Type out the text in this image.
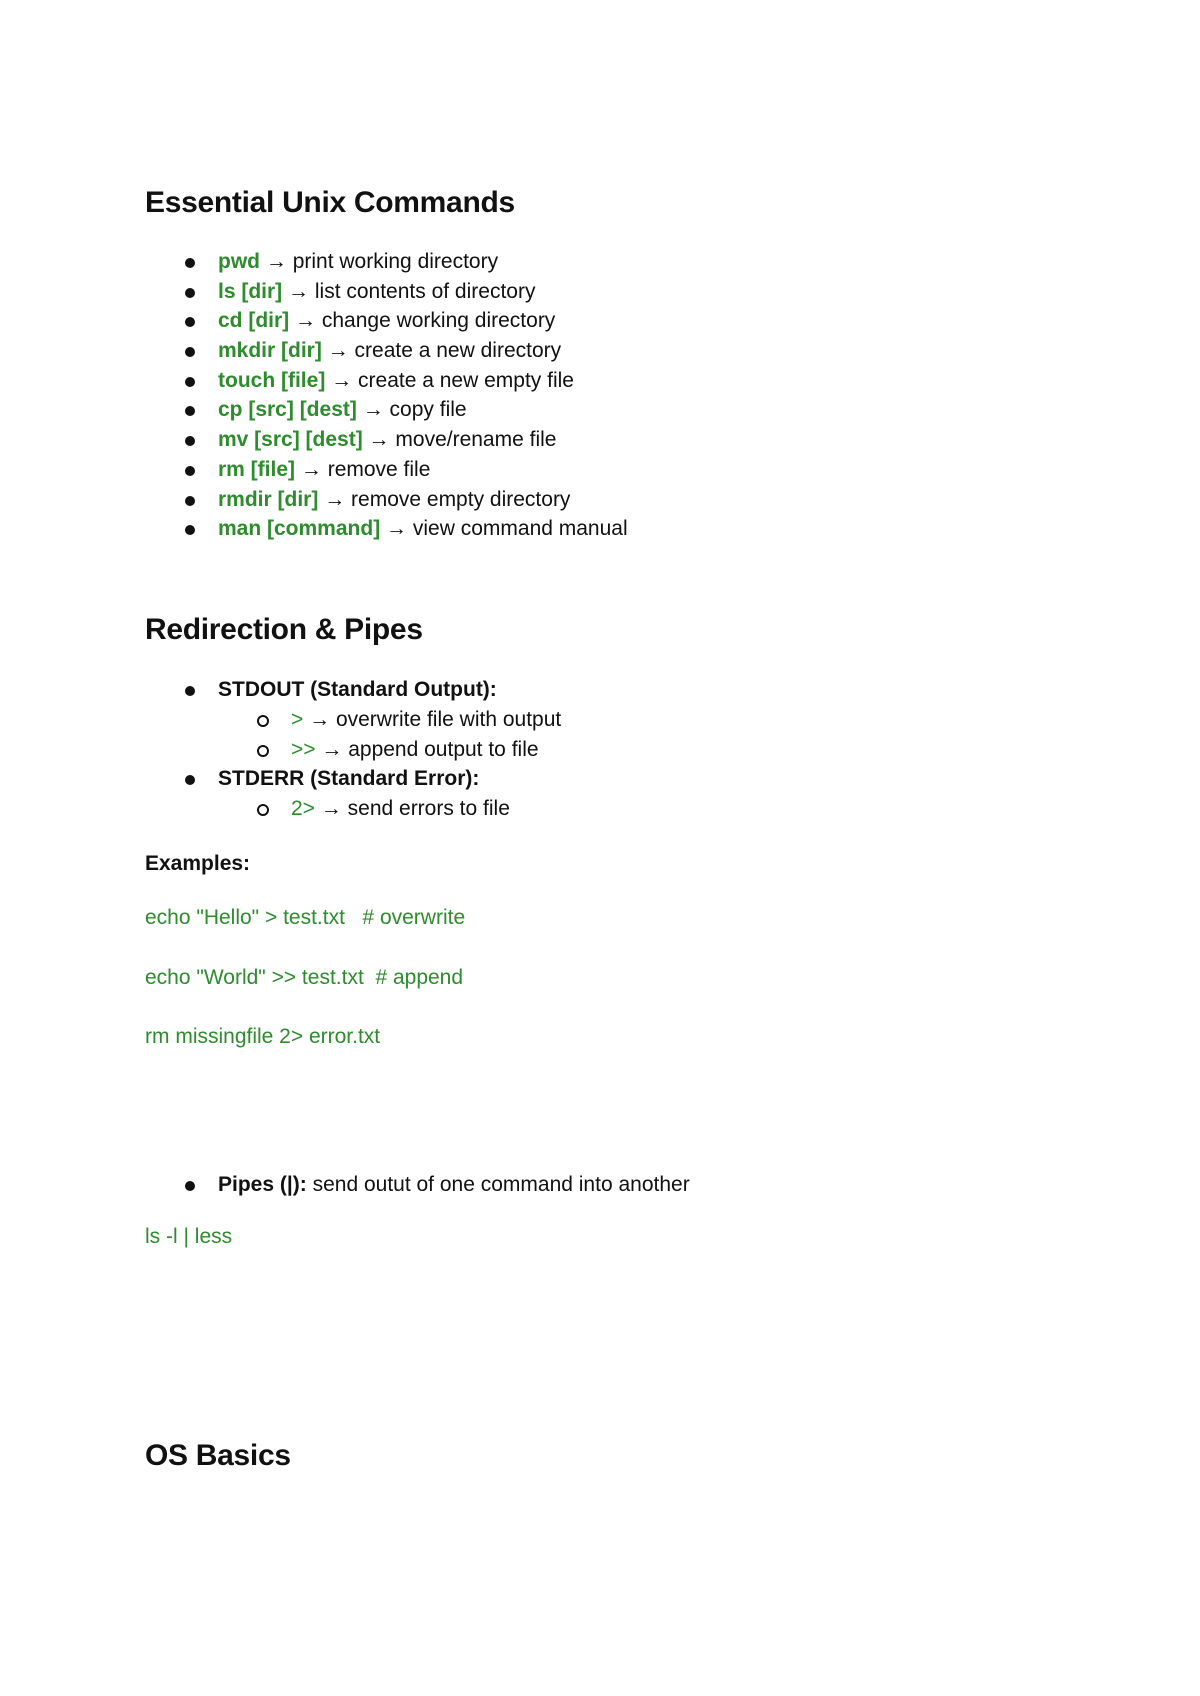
Essential Unix Commands
pwd → print working directory
ls [dir] → list contents of directory
cd [dir] → change working directory
mkdir [dir] → create a new directory
touch [file] → create a new empty file
cp [src] [dest] → copy file
mv [src] [dest] → move/rename file
rm [file] → remove file
rmdir [dir] → remove empty directory
man [command] → view command manual
Redirection & Pipes
STDOUT (Standard Output):
> → overwrite file with output
>> → append output to file
STDERR (Standard Error):
2> → send errors to file

Examples:

echo "Hello" > test.txt   # overwrite

echo "World" >> test.txt  # append

rm missingfile 2> error.txt

Pipes (|): send outut of one command into another

ls -l | less

OS Basics
